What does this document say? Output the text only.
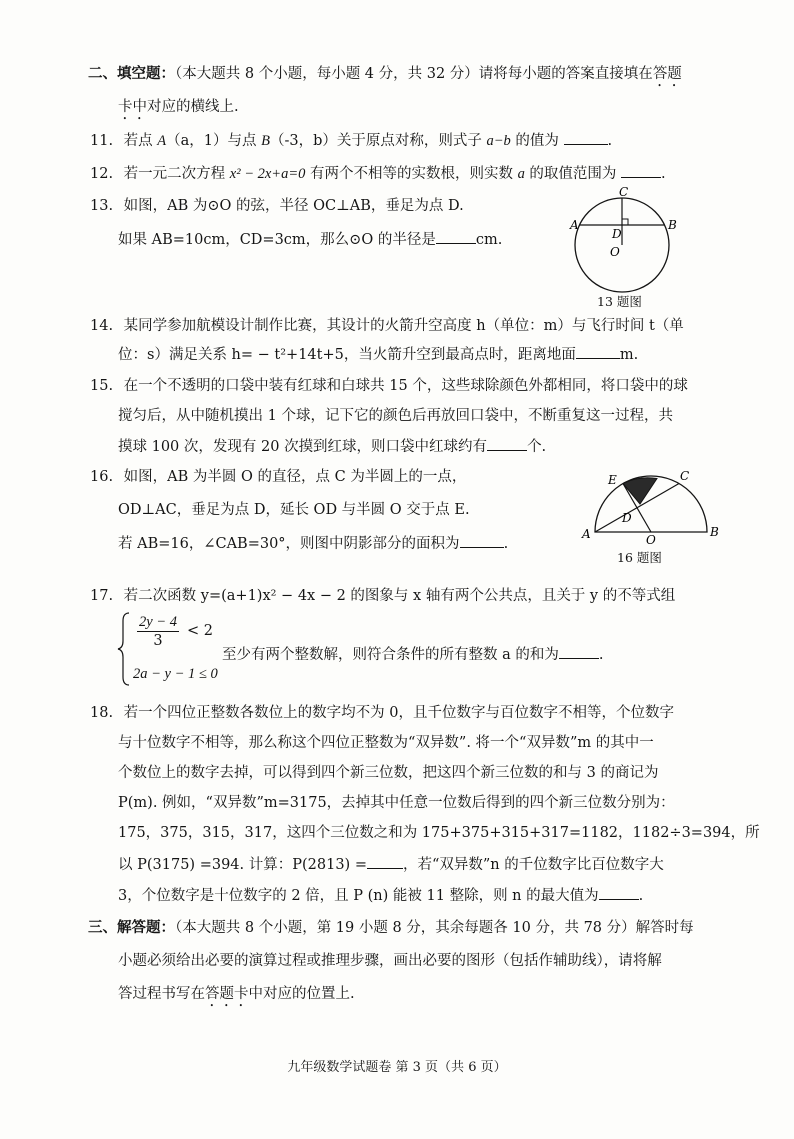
二、填空题：（本大题共 8 个小题，每小题 4 分，共 32 分）请将每小题的答案直接填在答题
卡中对应的横线上.
11. 若点 A（a，1）与点 B（-3，b）关于原点对称，则式子 a−b 的值为	.
12. 若一元二次方程 x² − 2x+a=0 有两个不相等的实数根，则实数 a 的取值范围为	.
13. 如图，AB 为⊙O 的弦，半径 OC⊥AB，垂足为点 D.
如果 AB=10cm，CD=3cm，那么⊙O 的半径是	cm.
C
A	B
D
O
13 题图
14. 某同学参加航模设计制作比赛，其设计的火箭升空高度 h（单位：m）与飞行时间 t（单
位：s）满足关系 h= − t²+14t+5，当火箭升空到最高点时，距离地面	m.
15. 在一个不透明的口袋中装有红球和白球共 15 个，这些球除颜色外都相同，将口袋中的球
搅匀后，从中随机摸出 1 个球，记下它的颜色后再放回口袋中，不断重复这一过程，共
摸球 100 次，发现有 20 次摸到红球，则口袋中红球约有	个.
16. 如图，AB 为半圆 O 的直径，点 C 为半圆上的一点，
OD⊥AC，垂足为点 D，延长 OD 与半圆 O 交于点 E.
若 AB=16，∠CAB=30°，则图中阴影部分的面积为	.
E	C
D
A	B
O
16 题图
17. 若二次函数 y=(a+1)x² − 4x − 2 的图象与 x 轴有两个公共点，且关于 y 的不等式组
$\frac{2y - 4}{3} < 2$
2a − y − 1 ≤ 0
至少有两个整数解，则符合条件的所有整数 a 的和为	.
18. 若一个四位正整数各数位上的数字均不为 0，且千位数字与百位数字不相等，个位数字
与十位数字不相等，那么称这个四位正整数为“双异数”. 将一个“双异数”m 的其中一
个数位上的数字去掉，可以得到四个新三位数，把这四个新三位数的和与 3 的商记为
P(m). 例如，“双异数”m=3175，去掉其中任意一位数后得到的四个新三位数分别为：
175，375，315，317，这四个三位数之和为 175+375+315+317=1182，1182÷3=394，所
以 P(3175) =394. 计算：P(2813) = ，若“双异数”n 的千位数字比百位数字大
3，个位数字是十位数字的 2 倍，且 P (n) 能被 11 整除，则 n 的最大值为	.
三、解答题：（本大题共 8 个小题，第 19 小题 8 分，其余每题各 10 分，共 78 分）解答时每
小题必须给出必要的演算过程或推理步骤，画出必要的图形（包括作辅助线），请将解
答过程书写在答题卡中对应的位置上.
九年级数学试题卷 第 3 页（共 6 页）
